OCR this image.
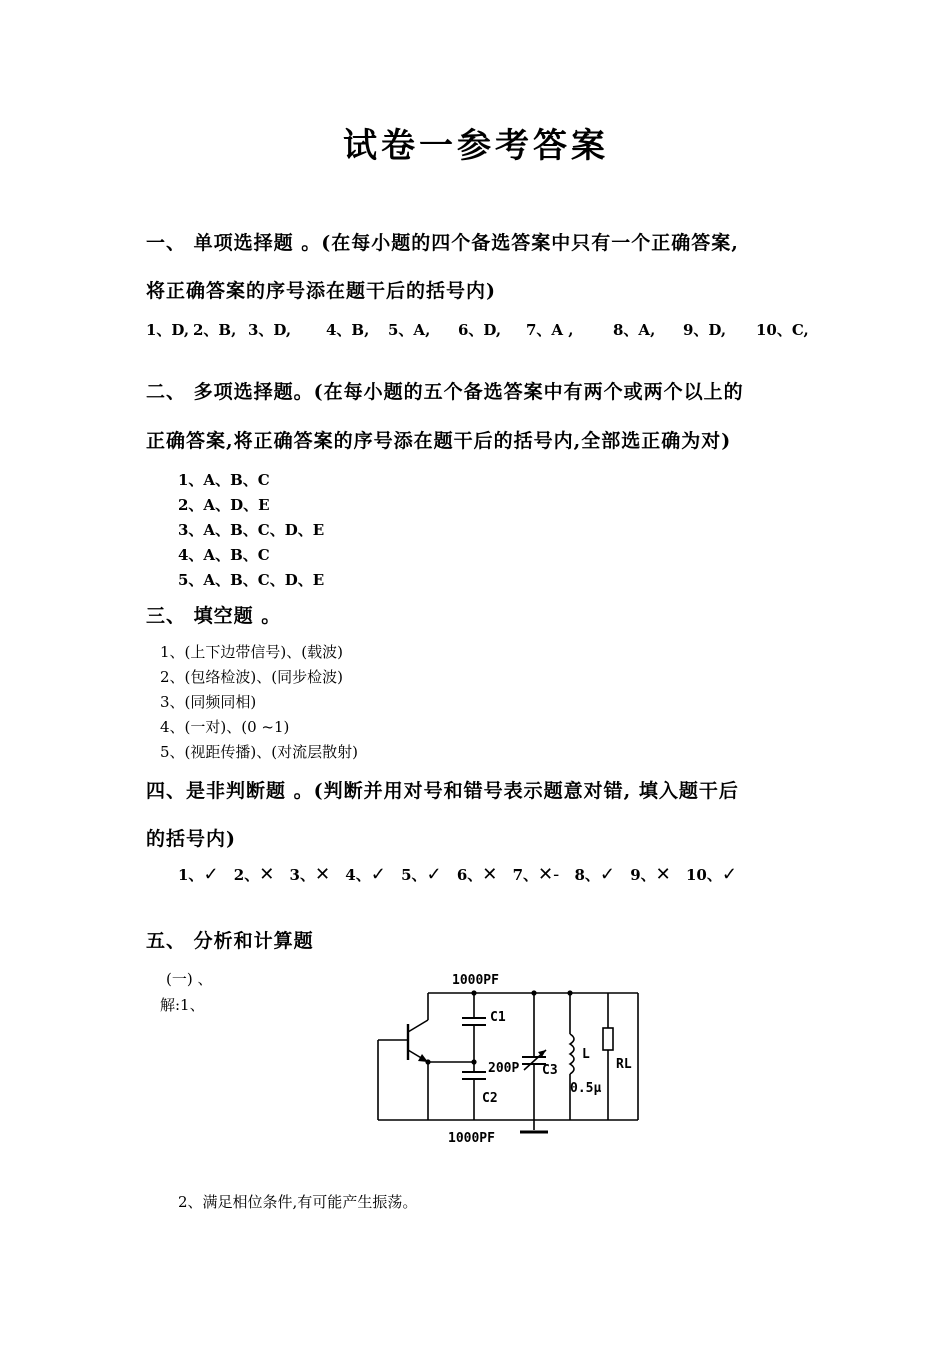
试卷一参考答案
一、 单项选择题 。(在每小题的四个备选答案中只有一个正确答案,
将正确答案的序号添在题干后的括号内)
1、D, 2、B, 3、D, 4、B, 5、A, 6、D, 7、A ,	8、A, 9、D, 10、C,
二、 多项选择题。(在每小题的五个备选答案中有两个或两个以上的
正确答案,将正确答案的序号添在题干后的括号内,全部选正确为对)
1、A、B、C
2、A、D、E
3、A、B、C、D、E
4、A、B、C
5、A、B、C、D、E
三、 填空题 。
1、(上下边带信号)、(载波)
2、(包络检波)、(同步检波)
3、(同频同相)
4、(一对)、(0 ~1)
5、(视距传播)、(对流层散射)
四、是非判断题 。(判断并用对号和错号表示题意对错, 填入题干后
的括号内)
1、✓ 2、✕ 3、✕ 4、✓ 5、✓ 6、✕ 7、✕- 8、✓ 9、✕ 10、✓
五、 分析和计算题
(一) 、
解:1、
1000PF
C1
200P C3
L
0.5μ
RL
C2
1000PF
2、满足相位条件,有可能产生振荡。
